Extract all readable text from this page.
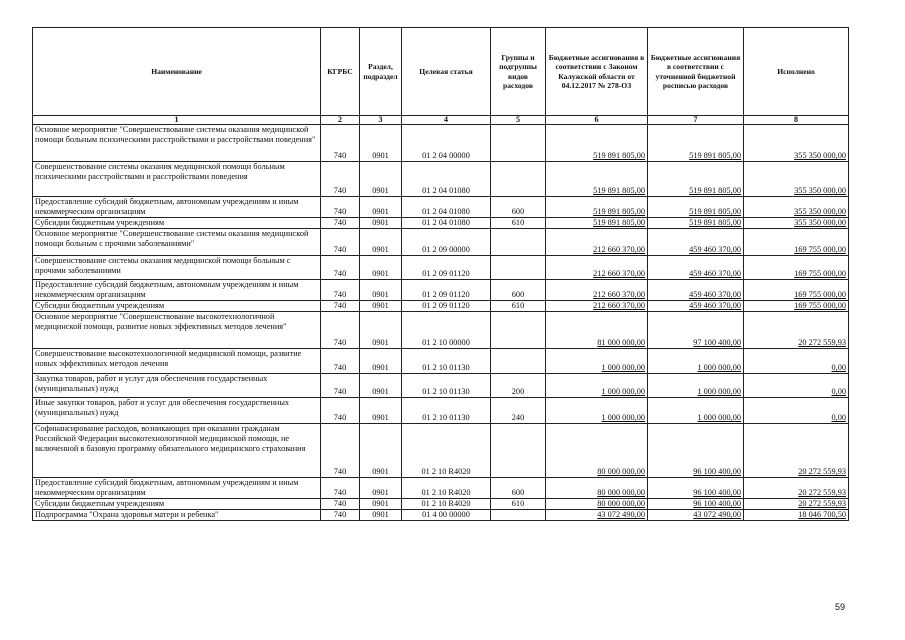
Наименование	КГРБС	Раздел, подраздел	Целевая статья	Группы и подгруппы видов расходов	Бюджетные ассигнования в соответствии с Законом Калужской области от 04.12.2017 № 278-ОЗ	Бюджетные ассигнования в соответствии с уточненной бюджетной росписью расходов	Исполнено
1	2	3	4	5	6	7	8
Основное мероприятие "Совершенствование системы оказания медицинской помощи больным психическими расстройствами и расстройствами поведения"	740	0901	01 2 04 00000		519 891 805,00	519 891 805,00	355 350 000,00
Совершенствование системы оказания медицинской помощи больным психическими расстройствами и расстройствами поведения	740	0901	01 2 04 01080		519 891 805,00	519 891 805,00	355 350 000,00
Предоставление субсидий бюджетным, автономным учреждениям и иным некоммерческим организациям	740	0901	01 2 04 01080	600	519 891 805,00	519 891 805,00	355 350 000,00
Субсидии бюджетным учреждениям	740	0901	01 2 04 01080	610	519 891 805,00	519 891 805,00	355 350 000,00
Основное мероприятие "Совершенствование системы оказания медицинской помощи больным с прочими заболеваниями"	740	0901	01 2 09 00000		212 660 370,00	459 460 370,00	169 755 000,00
Совершенствование системы оказания медицинской помощи больным с прочими заболеваниями	740	0901	01 2 09 01120		212 660 370,00	459 460 370,00	169 755 000,00
Предоставление субсидий бюджетным, автономным учреждениям и иным некоммерческим организациям	740	0901	01 2 09 01120	600	212 660 370,00	459 460 370,00	169 755 000,00
Субсидии бюджетным учреждениям	740	0901	01 2 09 01120	610	212 660 370,00	459 460 370,00	169 755 000,00
Основное мероприятие "Совершенствование высокотехнологичной медицинской помощи, развитие новых эффективных методов лечения"	740	0901	01 2 10 00000		81 000 000,00	97 100 400,00	20 272 559,93
Совершенствование высокотехнологичной медицинской помощи, развитие новых эффективных методов лечения	740	0901	01 2 10 01130		1 000 000,00	1 000 000,00	0,00
Закупка товаров, работ и услуг для обеспечения государственных (муниципальных) нужд	740	0901	01 2 10 01130	200	1 000 000,00	1 000 000,00	0,00
Иные закупки товаров, работ и услуг для обеспечения государственных (муниципальных) нужд	740	0901	01 2 10 01130	240	1 000 000,00	1 000 000,00	0,00
Софинансирование расходов, возникающих при оказании гражданам Российской Федерации высокотехнологичной медицинской помощи, не включенной в базовую программу обязательного медицинского страхования	740	0901	01 2 10 R4020		80 000 000,00	96 100 400,00	20 272 559,93
Предоставление субсидий бюджетным, автономным учреждениям и иным некоммерческим организациям	740	0901	01 2 10 R4020	600	80 000 000,00	96 100 400,00	20 272 559,93
Субсидии бюджетным учреждениям	740	0901	01 2 10 R4020	610	80 000 000,00	96 100 400,00	20 272 559,93
Подпрограмма "Охрана здоровья матери и ребенка"	740	0901	01 4 00 00000		43 072 490,00	43 072 490,00	18 046 700,50
59
